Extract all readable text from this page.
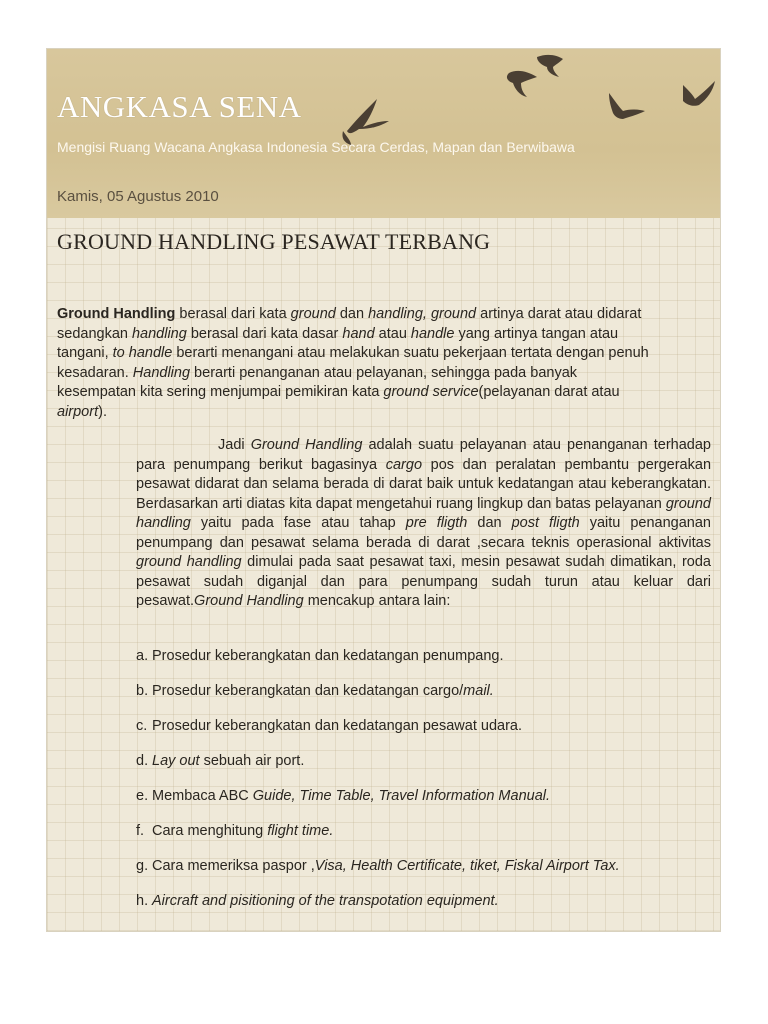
ANGKASA SENA

Mengisi Ruang Wacana Angkasa Indonesia Secara Cerdas, Mapan dan Berwibawa

Kamis, 05 Agustus 2010

GROUND HANDLING PESAWAT TERBANG

Ground Handling berasal dari kata ground dan handling, ground artinya darat atau didarat sedangkan handling berasal dari kata dasar hand atau handle yang artinya tangan atau tangani, to handle berarti menangani atau melakukan suatu pekerjaan tertata dengan penuh kesadaran. Handling berarti penanganan atau pelayanan, sehingga pada banyak kesempatan kita sering menjumpai pemikiran kata ground service(pelayanan darat atau airport).

Jadi Ground Handling adalah suatu pelayanan atau penanganan terhadap para penumpang berikut bagasinya cargo pos dan peralatan pembantu pergerakan pesawat didarat dan selama berada di darat baik untuk kedatangan atau keberangkatan. Berdasarkan arti diatas kita dapat mengetahui ruang lingkup dan batas pelayanan ground handling yaitu pada fase atau tahap pre fligth dan post fligth yaitu penanganan penumpang dan pesawat selama berada di darat ,secara teknis operasional aktivitas ground handling dimulai pada saat pesawat taxi, mesin pesawat sudah dimatikan, roda pesawat sudah diganjal dan para penumpang sudah turun atau keluar dari pesawat.Ground Handling mencakup antara lain:

a. Prosedur keberangkatan dan kedatangan penumpang.
b. Prosedur keberangkatan dan kedatangan cargo/mail.
c. Prosedur keberangkatan dan kedatangan pesawat udara.
d. Lay out sebuah air port.
e. Membaca ABC Guide, Time Table, Travel Information Manual.
f. Cara menghitung flight time.
g. Cara memeriksa paspor ,Visa, Health Certificate, tiket, Fiskal Airport Tax.
h. Aircraft and pisitioning of the transpotation equipment.
